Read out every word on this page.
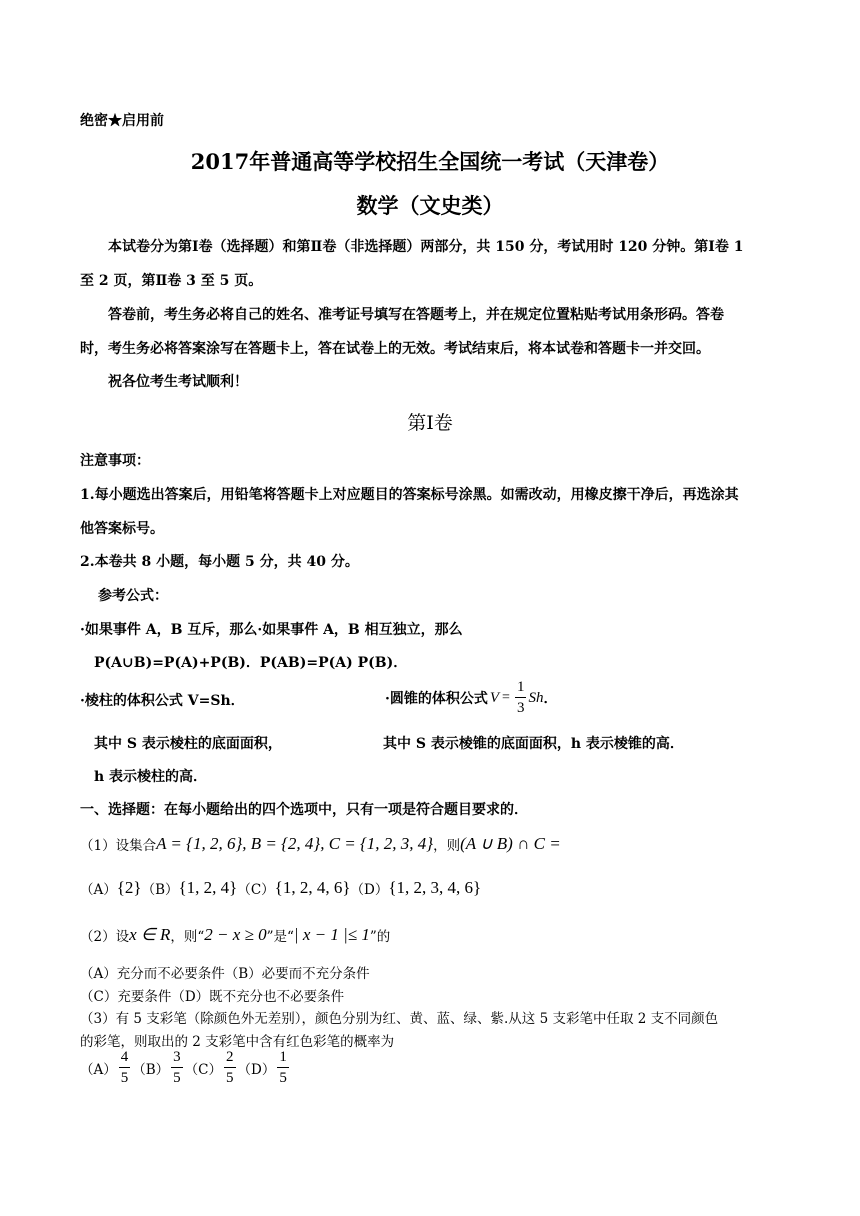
绝密★启用前
2017年普通高等学校招生全国统一考试（天津卷）
数学（文史类）
本试卷分为第Ⅰ卷（选择题）和第Ⅱ卷（非选择题）两部分，共 150 分，考试用时 120 分钟。第Ⅰ卷 1
至 2 页，第Ⅱ卷 3 至 5 页。
答卷前，考生务必将自己的姓名、准考证号填写在答题考上，并在规定位置粘贴考试用条形码。答卷
时，考生务必将答案涂写在答题卡上，答在试卷上的无效。考试结束后，将本试卷和答题卡一并交回。
祝各位考生考试顺利！
第Ⅰ卷
注意事项：
1.每小题选出答案后，用铅笔将答题卡上对应题目的答案标号涂黑。如需改动，用橡皮擦干净后，再选涂其
他答案标号。
2.本卷共 8 小题，每小题 5 分，共 40 分。
参考公式：
·如果事件 A，B 互斥，那么·如果事件 A，B 相互独立，那么
P(A∪B)=P(A)+P(B)．P(AB)=P(A) P(B)．
·棱柱的体积公式 V=Sh．	·圆锥的体积公式 $V = \frac{1}{3}$ Sh ．
其中 S 表示棱柱的底面面积，	其中 S 表示棱锥的底面面积，h 表示棱锥的高．
h 表示棱柱的高．
一、选择题：在每小题给出的四个选项中，只有一项是符合题目要求的．
（1）设集合 A = {1, 2, 6}, B = {2, 4}, C = {1, 2, 3, 4} ，则 (A ∪ B) ∩ C =
（A） {2} （B） {1, 2, 4} （C） {1, 2, 4, 6} （D） {1, 2, 3, 4, 6}
（2）设 x ∈ R ，则“ 2 − x ≥ 0 ”是“ | x − 1 |≤ 1 ”的
（A）充分而不必要条件（B）必要而不充分条件
（C）充要条件（D）既不充分也不必要条件
（3）有 5 支彩笔（除颜色外无差别），颜色分别为红、黄、蓝、绿、紫.从这 5 支彩笔中任取 2 支不同颜色
的彩笔，则取出的 2 支彩笔中含有红色彩笔的概率为
$(A) \frac{4}{5} (B) \frac{3}{5} (C) \frac{2}{5} (D) \frac{1}{5}$
